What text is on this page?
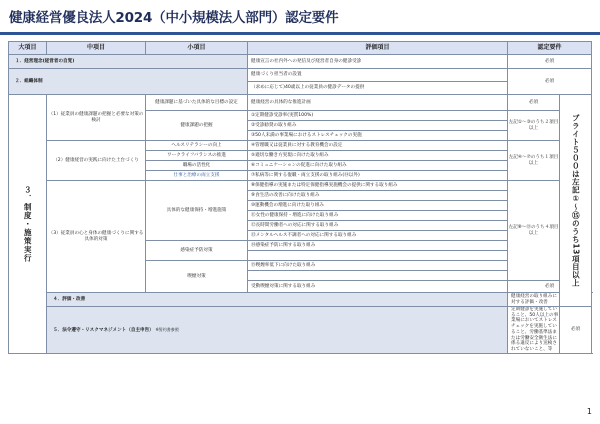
健康経営優良法人2024（中小規模法人部門）認定要件
大項目	中項目	小項目	評価項目	認定要件		
１．経営理念(経営者の自覚)			健康宣言の社内外への発信及び経営者自身の健診受診	必須		
２．組織体制			健康づくり担当者の設置	必須		
			（求めに応じて)40歳以上の従業員の健診データの提供			

３．制度・施策実行	（1）従業員の健康課題の把握と必要な対策の検討	健康課題に基づいた具体的な目標の設定	健康経営の具体的な推進計画	必須	ブライト５００は左記①〜⑮のうち13項目以上	

		健康課題の把握	①定期健診受診率(実質100%)	左記①〜③のうち２項目以上		
			②受診勧奨の取り組み			
			③50人未満の事業場におけるストレスチェックの実施			
	（2）健康経営の実践に向けた土台づくり	ヘルスリテラシーの向上	④管理職又は従業員に対する教育機会の設定	左記④〜⑦のうち１項目以上		
		ワークライフバランスの推進	⑤適切な働き方実現に向けた取り組み			
		職場の活性化	⑥コミュニケーションの促進に向けた取り組み			
		仕事と治療の両立支援	⑦私病等に関する復職・両立支援の取り組み(⑭以外)			
	（3）従業員の心と身体の健康づくりに関する具体的対策	具体的な健康保持・増進施策	⑧保健指導の実施または特定保健指導実施機会の提供に関する取り組み	左記⑧〜⑮のうち４項目以上		
			⑨食生活の改善に向けた取り組み			
			⑩運動機会の増進に向けた取り組み			
			⑪女性の健康保持・増進に向けた取り組み			
			⑫長時間労働者への対応に関する取り組み			
			⑬メンタルヘルス不調者への対応に関する取り組み			
		感染症予防対策	⑭感染症予防に関する取り組み			

		喫煙対策	⑮喫煙率低下に向けた取り組み			

			受動喫煙対策に関する取り組み	必須		
	４．評価・改善			健康経営の取り組みに対する評価・改善	
	５．法令遵守・リスクマネジメント（自主申告） ※誓約書参照			定期健診を実施していること、50人以上の事業場においてストレスチェックを実施していること、労働基準法または労働安全衛生法に係る違反により送検されていないこと、等	必須	
1
